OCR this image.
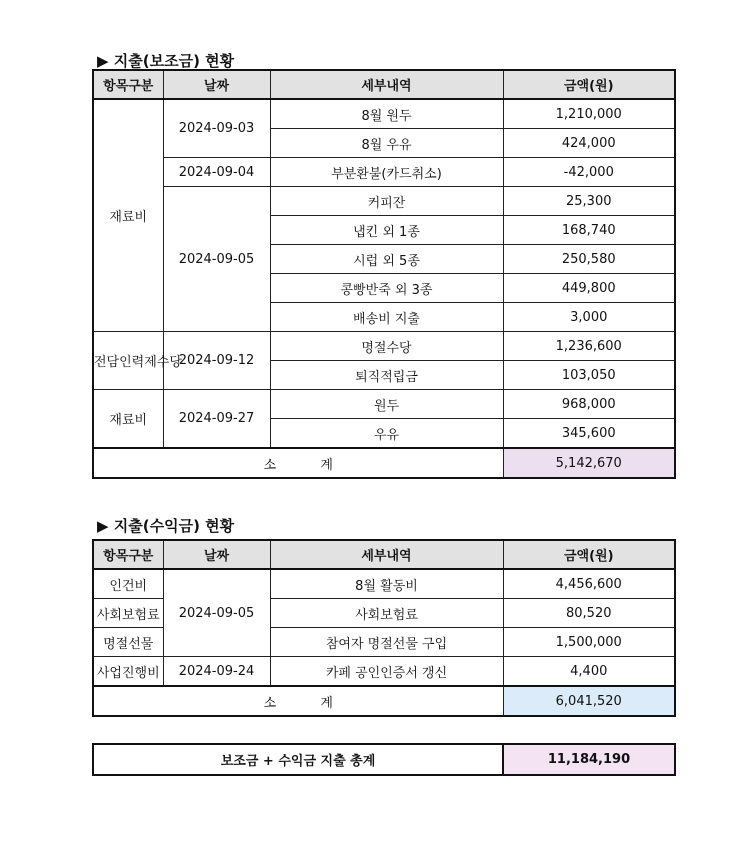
▶ 지출(보조금) 현황
항목구분	날짜	세부내역	금액(원)
재료비	2024-09-03	8월 원두	1,210,000
		8월 우유	424,000
	2024-09-04	부분환불(카드취소)	-42,000
	2024-09-05	커피잔	25,300
		냅킨 외 1종	168,740
		시럽 외 5종	250,580
		콩빵반죽 외 3종	449,800
		배송비 지출	3,000
전담인력제수당	2024-09-12	명절수당	1,236,600
		퇴직적립금	103,050
재료비	2024-09-27	원두	968,000
		우유	345,600
소 계			5,142,670
▶ 지출(수익금) 현황
항목구분	날짜	세부내역	금액(원)
인건비	2024-09-05	8월 활동비	4,456,600
사회보험료		사회보험료	80,520
명절선물		참여자 명절선물 구입	1,500,000
사업진행비	2024-09-24	카페 공인인증서 갱신	4,400
소 계			6,041,520
보조금 + 수익금 지출 총계	11,184,190
